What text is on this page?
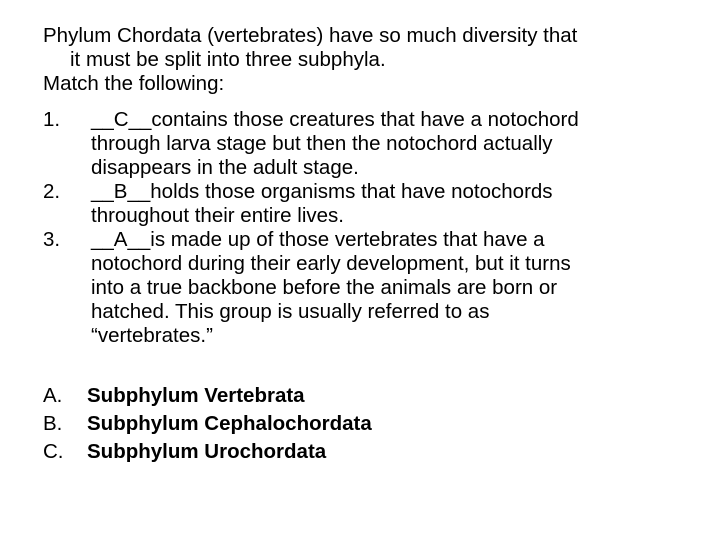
Phylum Chordata (vertebrates) have so much diversity that
it must be split into three subphyla.
Match the following:
1. __C__contains those creatures that have a notochord
through larva stage but then the notochord actually
disappears in the adult stage.
2. __B__holds those organisms that have notochords
throughout their entire lives.
3. __A__is made up of those vertebrates that have a
notochord during their early development, but it turns
into a true backbone before the animals are born or
hatched. This group is usually referred to as
“vertebrates.”
A. Subphylum Vertebrata
B. Subphylum Cephalochordata
C. Subphylum Urochordata
